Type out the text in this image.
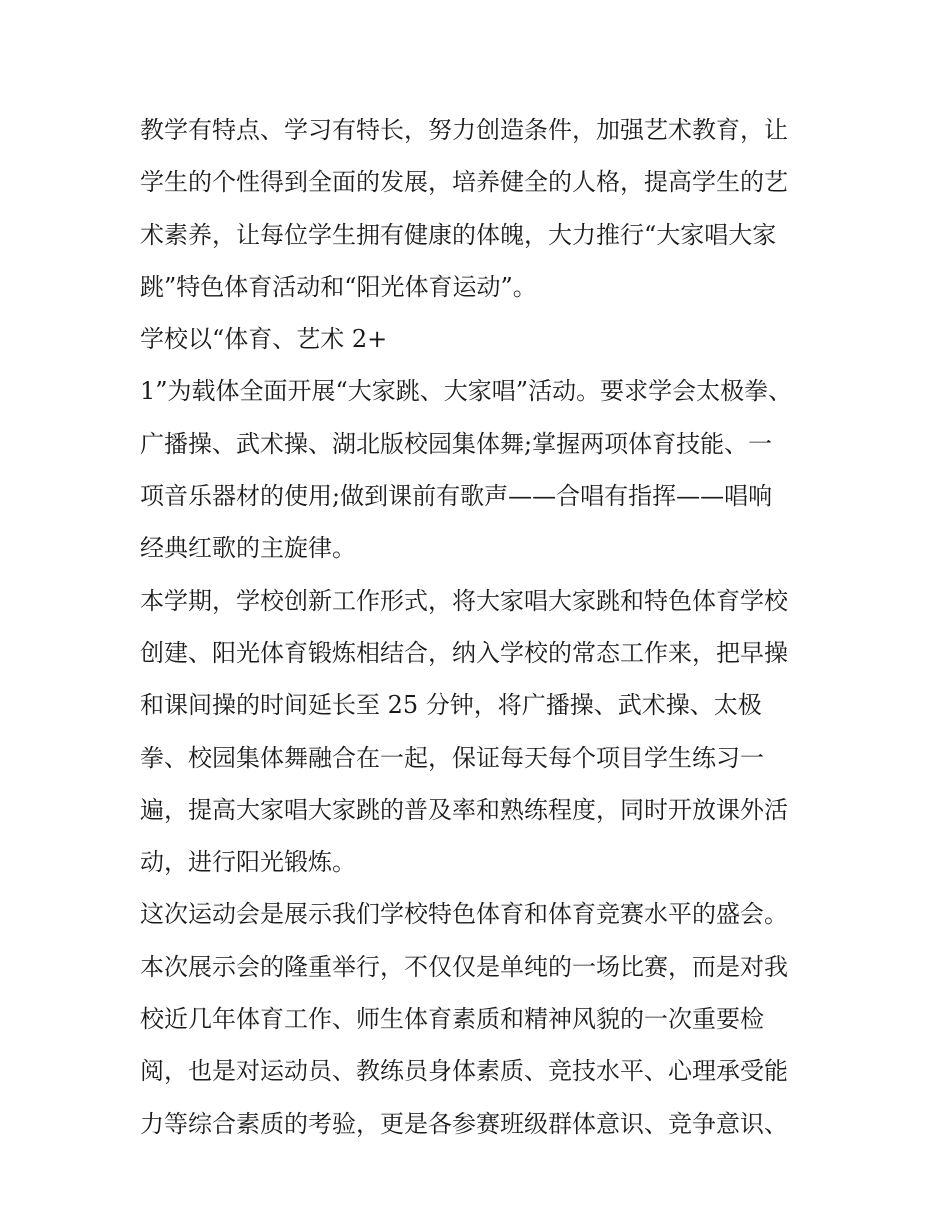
教学有特点、学习有特长，努力创造条件，加强艺术教育，让
学生的个性得到全面的发展，培养健全的人格，提高学生的艺
术素养，让每位学生拥有健康的体魄，大力推行“大家唱大家
跳”特色体育活动和“阳光体育运动”。
学校以“体育、艺术 2+
1”为载体全面开展“大家跳、大家唱”活动。要求学会太极拳、
广播操、武术操、湖北版校园集体舞;掌握两项体育技能、一
项音乐器材的使用;做到课前有歌声——合唱有指挥——唱响
经典红歌的主旋律。
本学期，学校创新工作形式，将大家唱大家跳和特色体育学校
创建、阳光体育锻炼相结合，纳入学校的常态工作来，把早操
和课间操的时间延长至 25 分钟，将广播操、武术操、太极
拳、校园集体舞融合在一起，保证每天每个项目学生练习一
遍，提高大家唱大家跳的普及率和熟练程度，同时开放课外活
动，进行阳光锻炼。
这次运动会是展示我们学校特色体育和体育竞赛水平的盛会。
本次展示会的隆重举行，不仅仅是单纯的一场比赛，而是对我
校近几年体育工作、师生体育素质和精神风貌的一次重要检
阅，也是对运动员、教练员身体素质、竞技水平、心理承受能
力等综合素质的考验，更是各参赛班级群体意识、竞争意识、
